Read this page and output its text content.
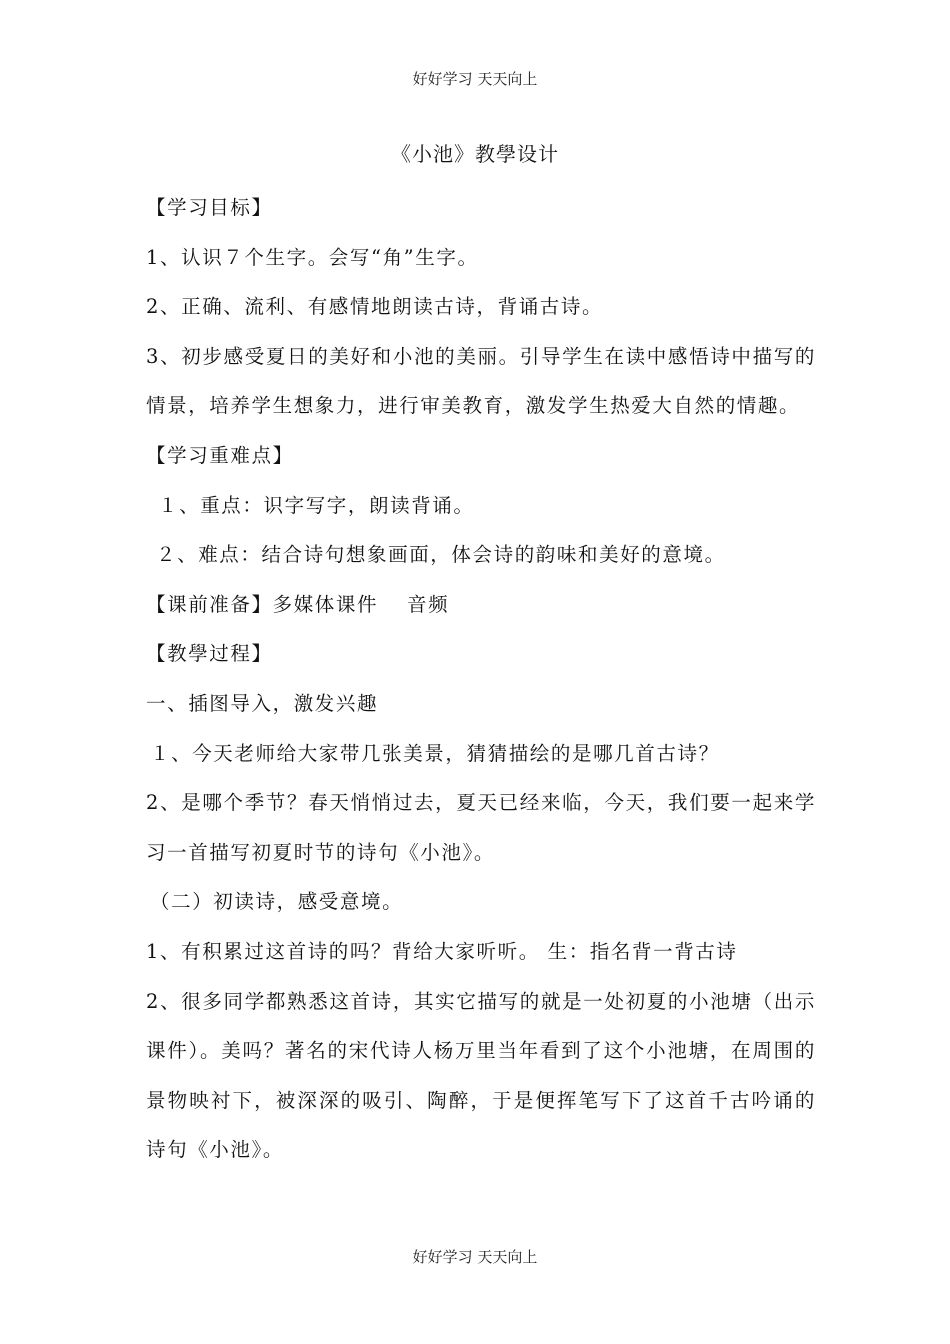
好好学习 天天向上
《小池》教學设计

【学习目标】

1、认识７个生字。会写“角”生字。

2、正确、流利、有感情地朗读古诗，背诵古诗。

3、初步感受夏日的美好和小池的美丽。引导学生在读中感悟诗中描写的情景，培养学生想象力，进行审美教育，激发学生热爱大自然的情趣。

【学习重难点】

１、重点：识字写字，朗读背诵。

２、难点：结合诗句想象画面，体会诗的韵味和美好的意境。

【课前准备】多媒体课件　 音频

【教學过程】

一、插图导入，激发兴趣

１、今天老师给大家带几张美景，猜猜描绘的是哪几首古诗？

2、是哪个季节？春天悄悄过去，夏天已经来临，今天，我们要一起来学习一首描写初夏时节的诗句《小池》。

（二）初读诗，感受意境。

1、有积累过这首诗的吗？背给大家听听。 生：指名背一背古诗

2、很多同学都熟悉这首诗，其实它描写的就是一处初夏的小池塘（出示课件）。美吗？著名的宋代诗人杨万里当年看到了这个小池塘，在周围的景物映衬下，被深深的吸引、陶醉，于是便挥笔写下了这首千古吟诵的诗句《小池》。

好好学习 天天向上
